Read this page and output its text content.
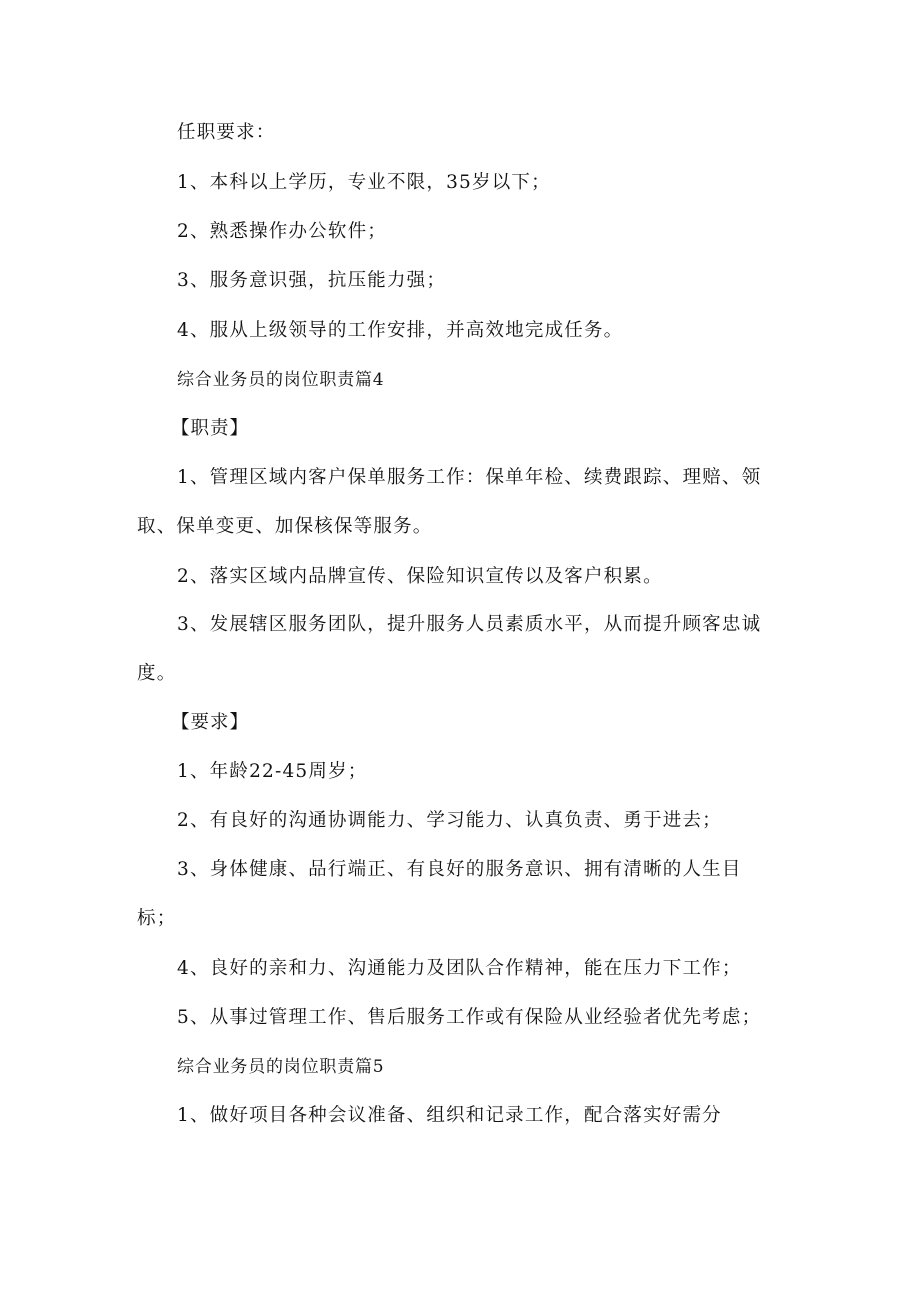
任职要求：
1、本科以上学历，专业不限，35岁以下；
2、熟悉操作办公软件；
3、服务意识强，抗压能力强；
4、服从上级领导的工作安排，并高效地完成任务。
综合业务员的岗位职责篇4
【职责】
1、管理区域内客户保单服务工作：保单年检、续费跟踪、理赔、领
取、保单变更、加保核保等服务。
2、落实区域内品牌宣传、保险知识宣传以及客户积累。
3、发展辖区服务团队，提升服务人员素质水平，从而提升顾客忠诚
度。
【要求】
1、年龄22-45周岁；
2、有良好的沟通协调能力、学习能力、认真负责、勇于进去；
3、身体健康、品行端正、有良好的服务意识、拥有清晰的人生目
标；
4、良好的亲和力、沟通能力及团队合作精神，能在压力下工作；
5、从事过管理工作、售后服务工作或有保险从业经验者优先考虑；
综合业务员的岗位职责篇5
1、做好项目各种会议准备、组织和记录工作，配合落实好需分
